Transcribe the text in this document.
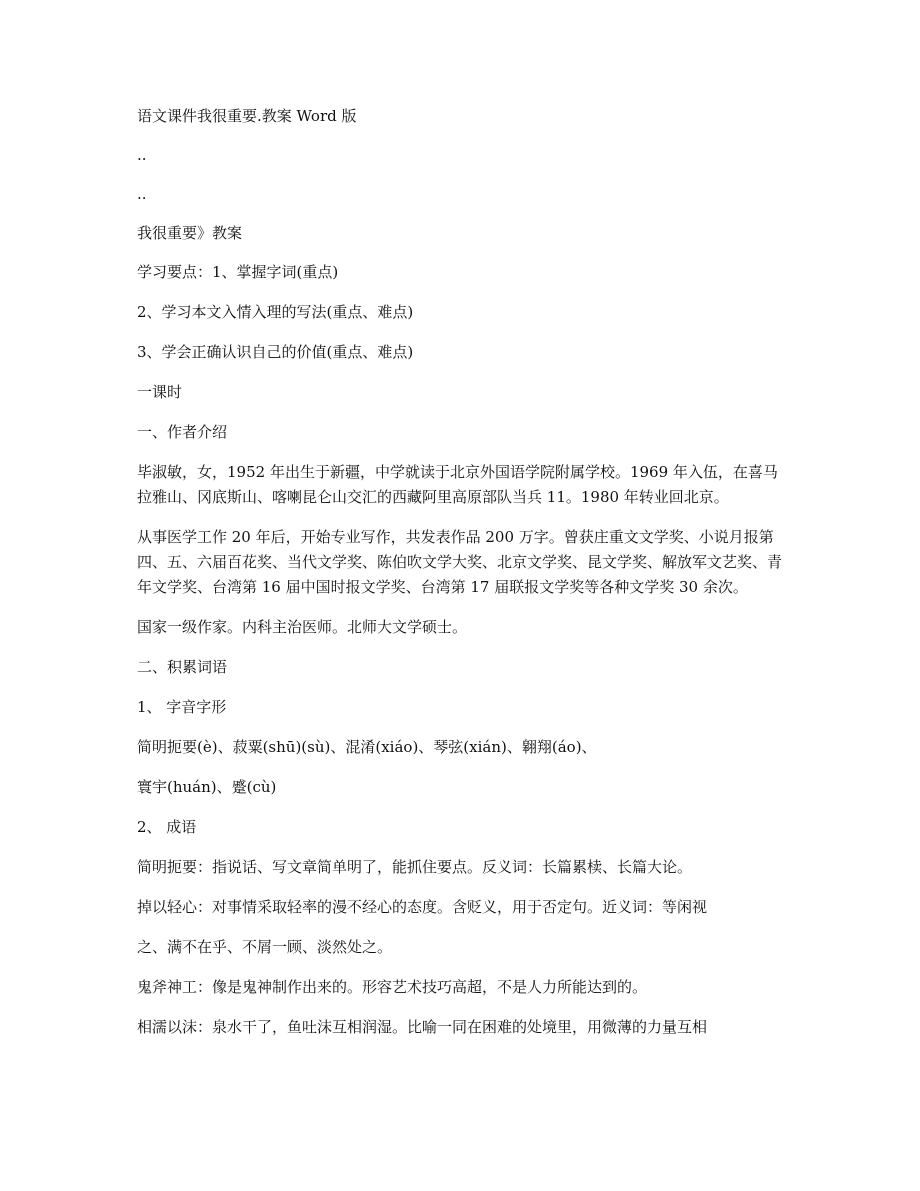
语文课件我很重要.教案 Word 版

..

..

我很重要》教案

学习要点：1、掌握字词(重点)

2、学习本文入情入理的写法(重点、难点)

3、学会正确认识自己的价值(重点、难点)

一课时

一、作者介绍

毕淑敏，女，1952 年出生于新疆，中学就读于北京外国语学院附属学校。1969 年入伍，在喜马拉雅山、冈底斯山、喀喇昆仑山交汇的西藏阿里高原部队当兵 11。1980 年转业回北京。

从事医学工作 20 年后，开始专业写作，共发表作品 200 万字。曾获庄重文文学奖、小说月报第四、五、六届百花奖、当代文学奖、陈伯吹文学大奖、北京文学奖、昆文学奖、解放军文艺奖、青年文学奖、台湾第 16 届中国时报文学奖、台湾第 17 届联报文学奖等各种文学奖 30 余次。

国家一级作家。内科主治医师。北师大文学硕士。

二、积累词语

1、 字音字形

简明扼要(è)、菽粟(shū)(sù)、混淆(xiáo)、琴弦(xián)、翱翔(áo)、

寰宇(huán)、蹙(cù)

2、 成语

简明扼要：指说话、写文章简单明了，能抓住要点。反义词：长篇累椟、长篇大论。

掉以轻心：对事情采取轻率的漫不经心的态度。含贬义，用于否定句。近义词：等闲视

之、满不在乎、不屑一顾、淡然处之。

鬼斧神工：像是鬼神制作出来的。形容艺术技巧高超，不是人力所能达到的。

相濡以沫：泉水干了，鱼吐沫互相润湿。比喻一同在困难的处境里，用微薄的力量互相
